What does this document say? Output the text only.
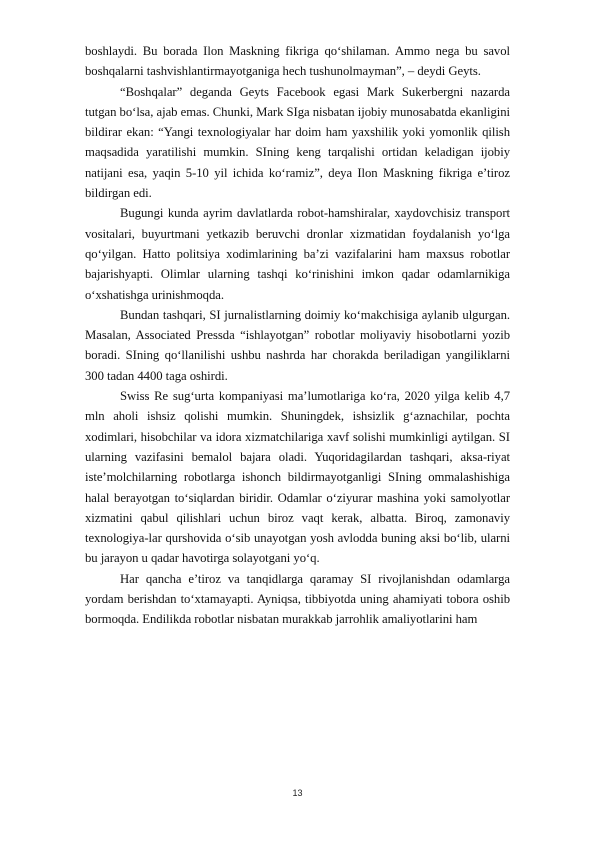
boshlaydi. Bu borada Ilon Maskning fikriga qo‘shilaman. Ammo nega bu savol boshqalarni tashvishlantirmayotganiga hech tushunolmayman”, – deydi Geyts.

“Boshqalar” deganda Geyts Facebook egasi Mark Sukerbergni nazarda tutgan bo‘lsa, ajab emas. Chunki, Mark SIga nisbatan ijobiy munosabatda ekanligini bildirar ekan: “Yangi texnologiyalar har doim ham yaxshilik yoki yomonlik qilish maqsadida yaratilishi mumkin. SIning keng tarqalishi ortidan keladigan ijobiy natijani esa, yaqin 5-10 yil ichida ko‘ramiz”, deya Ilon Maskning fikriga e’tiroz bildirgan edi.

Bugungi kunda ayrim davlatlarda robot-hamshiralar, xaydovchisiz transport vositalari, buyurtmani yetkazib beruvchi dronlar xizmatidan foydalanish yo‘lga qo‘yilgan. Hatto politsiya xodimlarining ba’zi vazifalarini ham maxsus robotlar bajarishyapti. Olimlar ularning tashqi ko‘rinishini imkon qadar odamlarnikiga o‘xshatishga urinishmoqda.

Bundan tashqari, SI jurnalistlarning doimiy ko‘makchisiga aylanib ulgurgan. Masalan, Associated Pressda “ishlayotgan” robotlar moliyaviy hisobotlarni yozib boradi. SIning qo‘llanilishi ushbu nashrda har chorakda beriladigan yangiliklarni 300 tadan 4400 taga oshirdi.

Swiss Re sug‘urta kompaniyasi ma’lumotlariga ko‘ra, 2020 yilga kelib 4,7 mln aholi ishsiz qolishi mumkin. Shuningdek, ishsizlik g‘aznachilar, pochta xodimlari, hisobchilar va idora xizmatchilariga xavf solishi mumkinligi aytilgan. SI ularning vazifasini bemalol bajara oladi. Yuqoridagilardan tashqari, aksa-riyat iste’molchilarning robotlarga ishonch bildirmayotganligi SIning ommalashishiga halal berayotgan to‘siqlardan biridir. Odamlar o‘ziyurar mashina yoki samolyotlar xizmatini qabul qilishlari uchun biroz vaqt kerak, albatta. Biroq, zamonaviy texnologiya-lar qurshovida o‘sib unayotgan yosh avlodda buning aksi bo‘lib, ularni bu jarayon u qadar havotirga solayotgani yo‘q.

Har qancha e’tiroz va tanqidlarga qaramay SI rivojlanishdan odamlarga yordam berishdan to‘xtamayapti. Ayniqsa, tibbiyotda uning ahamiyati tobora oshib bormoqda. Endilikda robotlar nisbatan murakkab jarrohlik amaliyotlarini ham

13
